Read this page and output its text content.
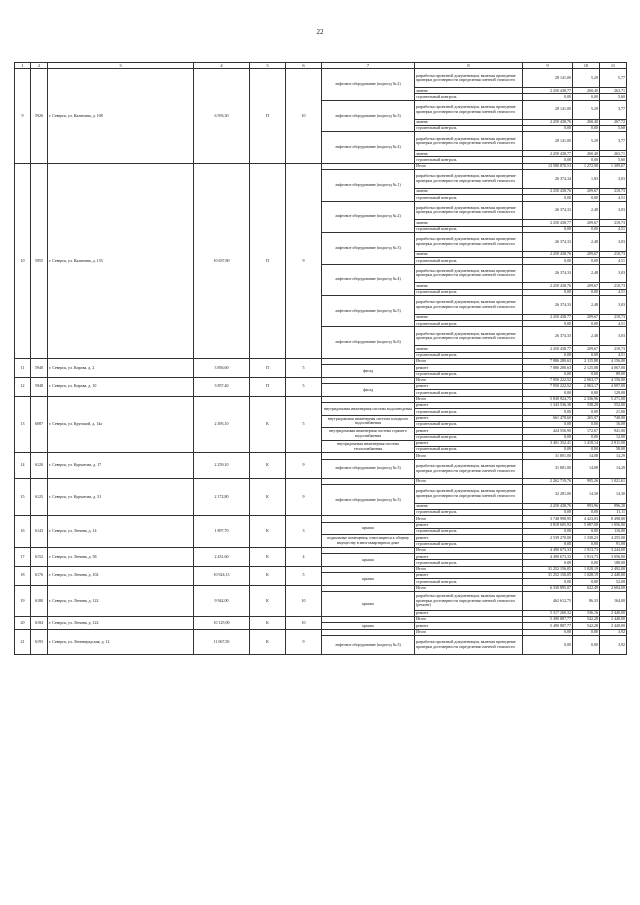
22
1	2	3	4	5	6	7	8	9	10	11
9	5926	г. Северск, ул. Калинина, д. 108	6 593,30	П	10	лифтовое оборудование (подъезд № 2)	разработка проектной документации, включая проведение проверки достоверности определения сметной стоимости	28 141,00	5,29	5,77

							замена	2 250 438,77	260,40	263,71
							строительный контроль	0,00	0,00	5,60
						лифтовое оборудование (подъезд № 3)	разработка проектной документации, включая проведение проверки достоверности определения сметной стоимости	28 141,00	5,29	3,77

							замена	2 250 438,76	260,40	267,72
							строительный контроль	0,00	0,00	5,60
						лифтовое оборудование (подъезд № 4)	разработка проектной документации, включая проведение проверки достоверности определения сметной стоимости	28 141,00	5,29	3,77

							замена	2 250 438,77	260,40	263,71
							строительный контроль	0,00	0,00	5,60
10	5955	г. Северск, ул. Калинина, д. 133	10 637,80	П	9		Итого	13 580 878,53	1 272,90	1 309,67
						лифтовое оборудование (подъезд № 1)	разработка проектной документации, включая проведение проверки достоверности определения сметной стоимости	26 374,34	1,83	3,03

							замена	2 250 438,76	209,67	210,73
							строительный контроль	0,00	0,00	4,51
						лифтовое оборудование (подъезд № 2)	разработка проектной документации, включая проведение проверки достоверности определения сметной стоимости	26 374,33	2,48	3,03

							замена	2 250 438,77	209,67	210,73
							строительный контроль	0,00	0,00	4,51
						лифтовое оборудование (подъезд № 3)	разработка проектной документации, включая проведение проверки достоверности определения сметной стоимости	26 374,33	2,48	3,03

							замена	2 250 438,76	209,67	210,73
							строительный контроль	0,00	0,00	4,51
						лифтовое оборудование (подъезд № 4)	разработка проектной документации, включая проведение проверки достоверности определения сметной стоимости	26 374,33	2,48	3,03

							замена	2 250 438,76	209,67	210,73
							строительный контроль	0,00	0,00	4,51
						лифтовое оборудование (подъезд № 5)	разработка проектной документации, включая проведение проверки достоверности определения сметной стоимости	26 374,33	2,48	3,03

							замена	2 250 438,77	209,67	210,73
							строительный контроль	0,00	0,00	4,51
						лифтовое оборудование (подъезд № 6)	разработка проектной документации, включая проведение проверки достоверности определения сметной стоимости	26 374,33	2,48	3,03

							замена	2 250 438,77	209,67	210,73
							строительный контроль	0,00	0,00	4,51
11	5940	г. Северск, ул. Кирова, д. 2	3 856,60	П	5		Итого	7 886 280,63	2 115,88	4 156,00
						фасад	ремонт	7 886 280,63	2 125,88	4 067,00
							строительный контроль	0,00	0,00	89,00
12	5948	г. Северск, ул. Кирова, д. 10	3 857,40	П	5		Итого	7 950 222,52	2 063,17	4 156,00
						фасад	ремонт	7 950 222,52	2 063,17	4 097,00
							строительный контроль	0,00	0,00	129,00
13	6087	г. Северск, ул. Крупской, д. 14а	2 495,10	К	5		Итого	5 830 924,75	2 336,96	5 271,00
						внутридомовая инженерная система водоотведения	ремонт	1 343 536,36	538,28	552,00
							строительный контроль	0,00	0,00	21,00
						внутридомовая инженерная система холодного водоснабжения	ремонт	661 478,60	265,07	740,00
							строительный контроль	0,00	0,00	16,00
						внутридомовая инженерная система горячего водоснабжения	ремонт	424 556,90	172,67	941,00
							строительный контроль	0,00	0,00	12,00
						внутридомовая инженерная система теплоснабжения	ремонт	3 401 352,41	1 418,14	2 911,00
							строительный контроль	0,00	0,00	58,00
14	6120	г. Северск, ул. Курчатова, д. 17	2 259,10	К	9		Итого	31 801,00	14,08	14,29
						лифтовое оборудование (подъезд № 3)	разработка проектной документации, включая проведение проверки достоверности определения сметной стоимости	31 801,00	14,08	14,29

15	6125	г. Северск, ул. Курчатова, д. 31	2 172,80	К	9		Итого	2 262 719,76	995,26	1 021,61
						лифтовое оборудование (подъезд № 3)	разработка проектной документации, включая проведение проверки достоверности определения сметной стоимости	32 281,00	14,30	14,30

							замена	2 250 438,76	993,96	996,20
							строительный контроль	0,00	0,00	11,11
16	6143	г. Северск, ул. Ленина, д. 14	1 897,70	К	3		Итого	3 748 998,95	4 423,03	8 498,00
						крыша	ремонт	3 818 605,93	5 087,08	1 056,00
							строительный контроль	0,00	0,00	116,00
						подвальные помещения, относящиеся к общему имуществу в многоквартирном доме	ремонт	2 539 270,00	1 338,23	4 255,00
							строительный контроль	0,00	0,00	91,00
17	6152	г. Северск, ул. Ленина, д. 58	2 431,60	К	4		Итого	4 490 673,33	1 913,73	3 244,00
						крыша	ремонт	4 490 673,33	1 913,73	3 056,00
							строительный контроль	0,00	0,00	188,00
18	6176	г. Северск, ул. Ленина, д. 102	10 924,13	К	5		Итого	31 252 156,05	1 028,19	2 492,00
						крыша	ремонт	31 252 156,05	1 028,19	2 440,00
							строительный контроль	0,00	0,00	52,00
19	6180	г. Северск, ул. Ленина, д. 122	9 942,00	К	10		Итого	6 330 895,07	622,49	2 604,00
						крыша	разработка проектной документации, включая проведение проверки достоверности определения сметной стоимости (ремонт)	462 612,75	86,33	164,00

							ремонт	5 317 260,32	536,16	2 440,00
20	6184	г. Северск, ул. Ленина, д. 122	10 125,90	К	10		Итого	5 490 887,77	542,28	2 440,00
						крыша	ремонт	5 490 887,77	542,28	2 440,00
21	6193	г. Северск, ул. Ленинградская, д. 12	11 067,50	К	9		Итого	0,00	0,00	3,92
						лифтовое оборудование (подъезд № 3)	разработка проектной документации, включая проведение проверки достоверности определения сметной стоимости	0,00	0,00	3,92
